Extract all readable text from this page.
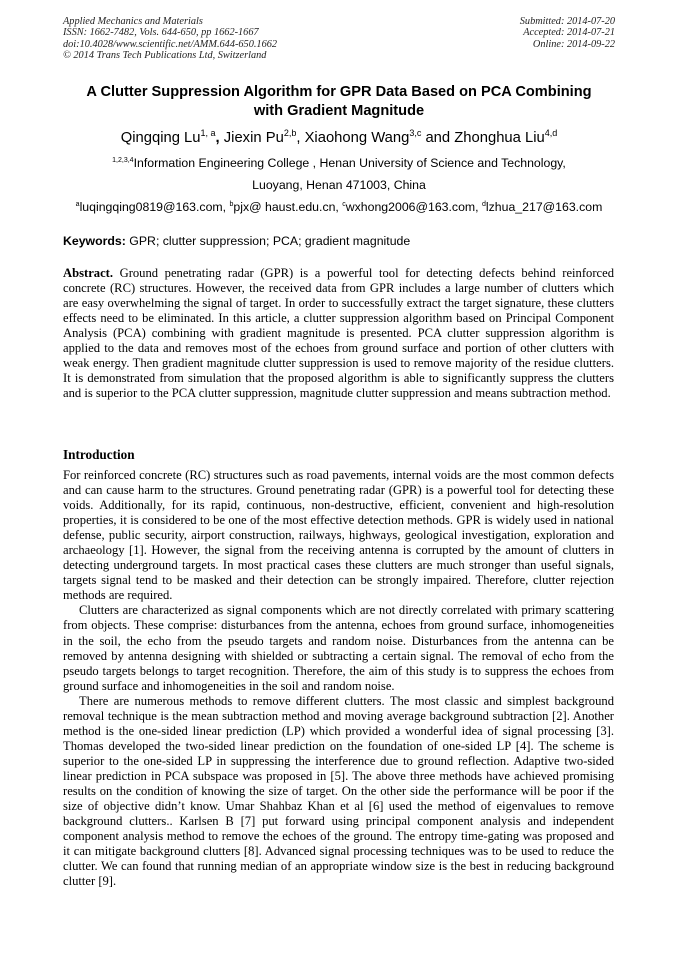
Applied Mechanics and Materials
ISSN: 1662-7482, Vols. 644-650, pp 1662-1667
doi:10.4028/www.scientific.net/AMM.644-650.1662
© 2014 Trans Tech Publications Ltd, Switzerland
Submitted: 2014-07-20
Accepted: 2014-07-21
Online: 2014-09-22
A Clutter Suppression Algorithm for GPR Data Based on PCA Combining
with Gradient Magnitude
Qingqing Lu$^{1, a}$, Jiexin Pu$^{2,b}$, Xiaohong Wang$^{3,c}$ and Zhonghua Liu$^{4,d}$
$^{1,2,3,4}$Information Engineering College , Henan University of Science and Technology,
Luoyang, Henan 471003, China
$^a$luqingqing0819@163.com, $^b$pjx@ haust.edu.cn, $^c$wxhong2006@163.com, $^d$lzhua_217@163.com
Keywords: GPR; clutter suppression; PCA; gradient magnitude
Abstract. Ground penetrating radar (GPR) is a powerful tool for detecting defects behind reinforced concrete (RC) structures. However, the received data from GPR includes a large number of clutters which are easy overwhelming the signal of target. In order to successfully extract the target signature, these clutters effects need to be eliminated. In this article, a clutter suppression algorithm based on Principal Component Analysis (PCA) combining with gradient magnitude is presented. PCA clutter suppression algorithm is applied to the data and removes most of the echoes from ground surface and portion of other clutters with weak energy. Then gradient magnitude clutter suppression is used to remove majority of the residue clutters. It is demonstrated from simulation that the proposed algorithm is able to significantly suppress the clutters and is superior to the PCA clutter suppression, magnitude clutter suppression and means subtraction method.
Introduction

For reinforced concrete (RC) structures such as road pavements, internal voids are the most common defects and can cause harm to the structures. Ground penetrating radar (GPR) is a powerful tool for detecting these voids. Additionally, for its rapid, continuous, non-destructive, efficient, convenient and high-resolution properties, it is considered to be one of the most effective detection methods. GPR is widely used in national defense, public security, airport construction, railways, highways, geological investigation, exploration and archaeology [1]. However, the signal from the receiving antenna is corrupted by the amount of clutters in detecting underground targets. In most practical cases these clutters are much stronger than useful signals, targets signal tend to be masked and their detection can be strongly impaired. Therefore, clutter rejection methods are required.

Clutters are characterized as signal components which are not directly correlated with primary scattering from objects. These comprise: disturbances from the antenna, echoes from ground surface, inhomogeneities in the soil, the echo from the pseudo targets and random noise. Disturbances from the antenna can be removed by antenna designing with shielded or subtracting a certain signal. The removal of echo from the pseudo targets belongs to target recognition. Therefore, the aim of this study is to suppress the echoes from ground surface and inhomogeneities in the soil and random noise.

There are numerous methods to remove different clutters. The most classic and simplest background removal technique is the mean subtraction method and moving average background subtraction [2]. Another method is the one-sided linear prediction (LP) which provided a wonderful idea of signal processing [3]. Thomas developed the two-sided linear prediction on the foundation of one-sided LP [4]. The scheme is superior to the one-sided LP in suppressing the interference due to ground reflection. Adaptive two-sided linear prediction in PCA subspace was proposed in [5]. The above three methods have achieved promising results on the condition of knowing the size of target. On the other side the performance will be poor if the size of objective didn’t know. Umar Shahbaz Khan et al [6] used the method of eigenvalues to remove background clutters.. Karlsen B [7] put forward using principal component analysis and independent component analysis method to remove the echoes of the ground. The entropy time-gating was proposed and it can mitigate background clutters [8]. Advanced signal processing techniques was to be used to reduce the clutter. We can found that running median of an appropriate window size is the best in reducing background clutter [9].
